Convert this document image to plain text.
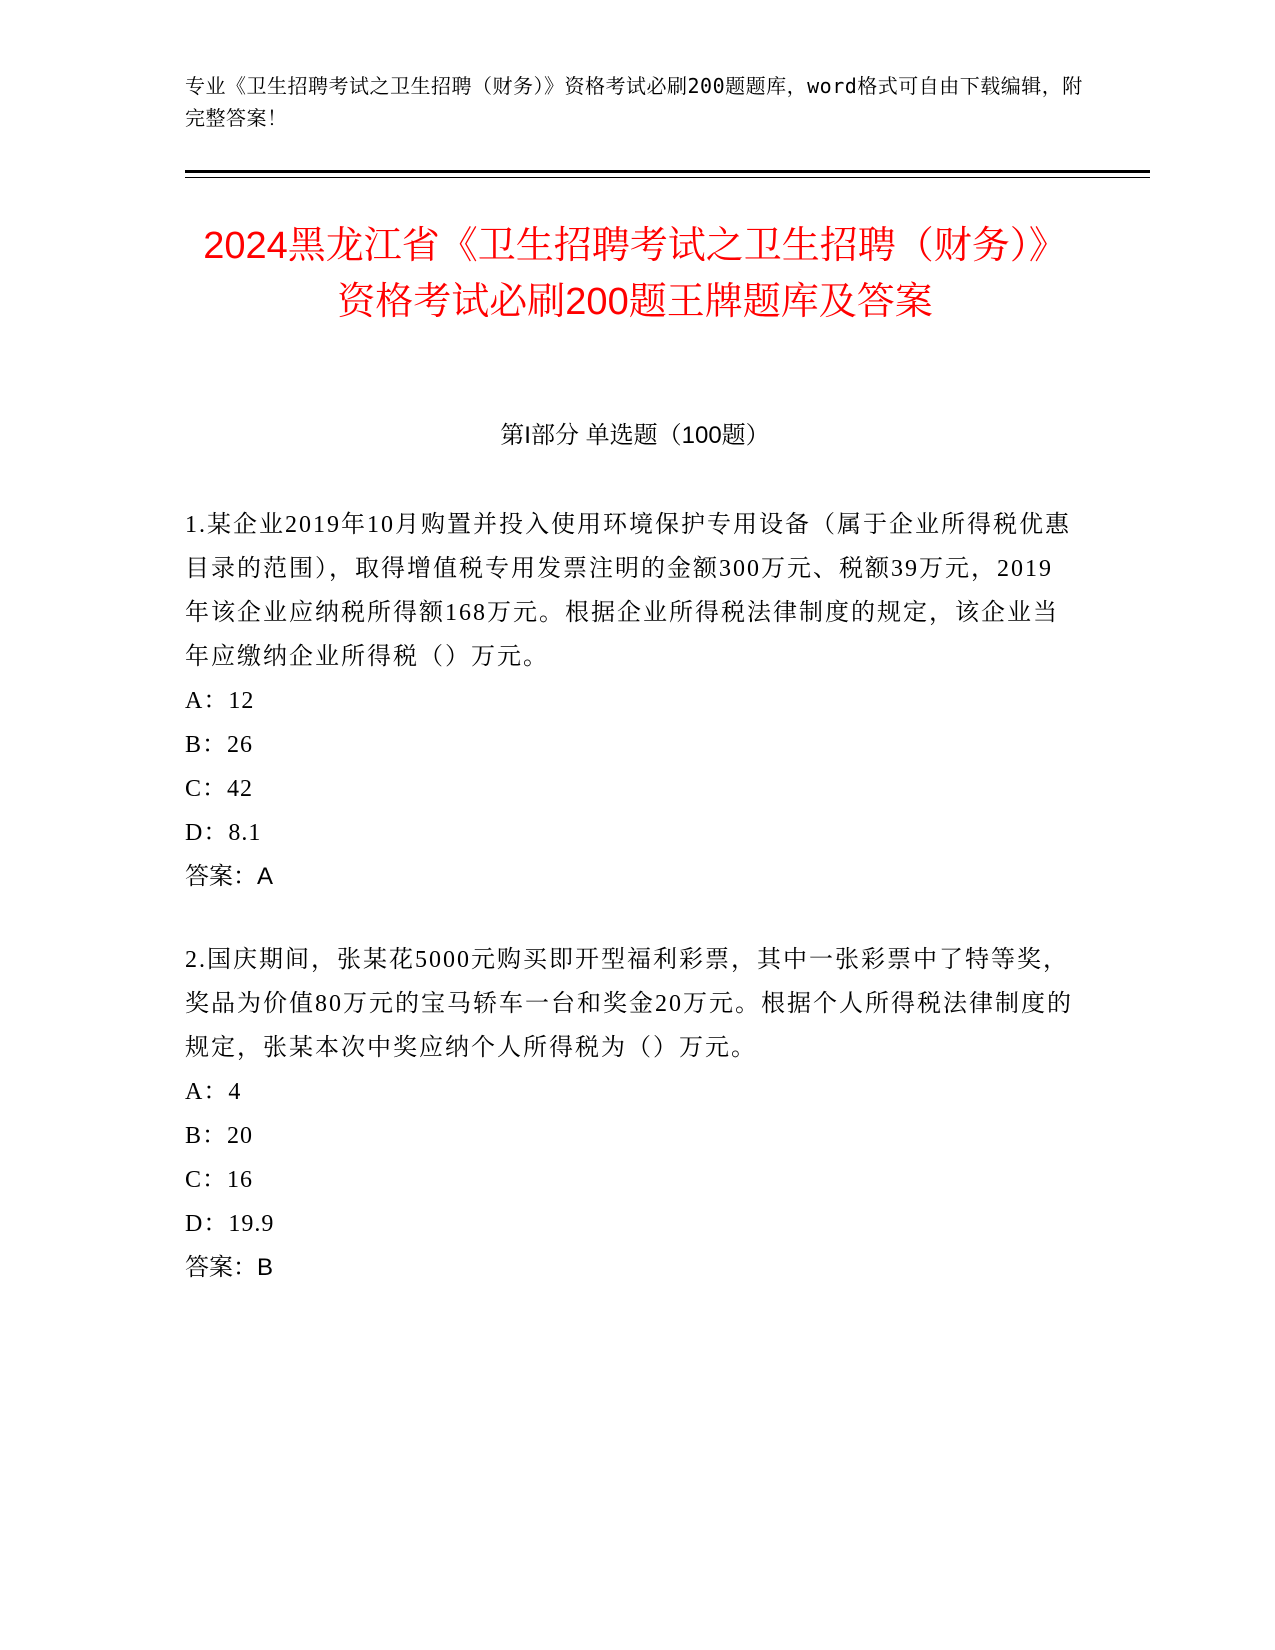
专业《卫生招聘考试之卫生招聘（财务）》资格考试必刷200题题库，word格式可自由下载编辑，附完整答案！
2024黑龙江省《卫生招聘考试之卫生招聘（财务）》资格考试必刷200题王牌题库及答案
第I部分 单选题（100题）

1.某企业2019年10月购置并投入使用环境保护专用设备（属于企业所得税优惠目录的范围），取得增值税专用发票注明的金额300万元、税额39万元，2019年该企业应纳税所得额168万元。根据企业所得税法律制度的规定，该企业当年应缴纳企业所得税（）万元。

A：12

B：26

C：42

D：8.1

答案：A

2.国庆期间，张某花5000元购买即开型福利彩票，其中一张彩票中了特等奖，奖品为价值80万元的宝马轿车一台和奖金20万元。根据个人所得税法律制度的规定，张某本次中奖应纳个人所得税为（）万元。

A：4

B：20

C：16

D：19.9

答案：B
